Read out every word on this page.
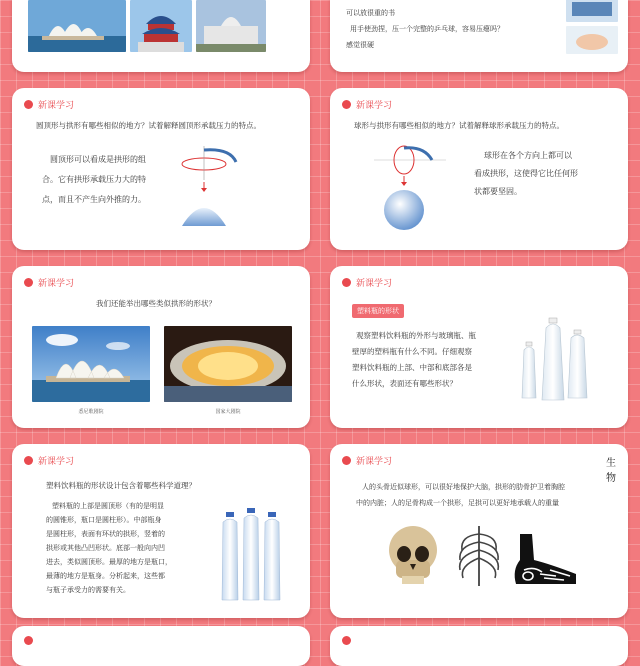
可以放很重的书
用手使劲捏，压一个完整的乒乓球，容易压瘪吗？
感觉很硬
新课学习
圆顶形与拱形有哪些相似的地方？试着解释圆顶形承载压力的特点。
圆顶形可以看成是拱形的组
合。它有拱形承载压力大的特
点，而且不产生向外推的力。
新课学习
球形与拱形有哪些相似的地方？试着解释球形承载压力的特点。
球形在各个方向上都可以
看成拱形，这使得它比任何形
状都要坚固。
新课学习
我们还能举出哪些类似拱形的形状？
悉尼歌剧院	国家大剧院
新课学习
塑料瓶的形状
观察塑料饮料瓶的外形与玻璃瓶、瓶
壁厚的塑料瓶有什么不同。仔细观察
塑料饮料瓶的上部、中部和底部各是
什么形状，表面还有哪些形状？
新课学习
塑料饮料瓶的形状设计包含着哪些科学道理？
塑料瓶的上部是圆顶形（有的是明显
的圆锥形，瓶口是圆柱形）。中部瓶身
是圆柱形，表面有环状的拱形，竖着的
拱形或其他凸凹形状。底部一般向内凹
进去，类似圆顶形。最厚的地方是瓶口，
最薄的地方是瓶身。分析起来，这些都
与瓶子承受力的需要有关。
新课学习	生物
人的头骨近似球形，可以很好地保护大脑，拱形的肋骨护卫着胸腔
中的内脏；人的足骨构成一个拱形，足拱可以更好地承载人的重量
